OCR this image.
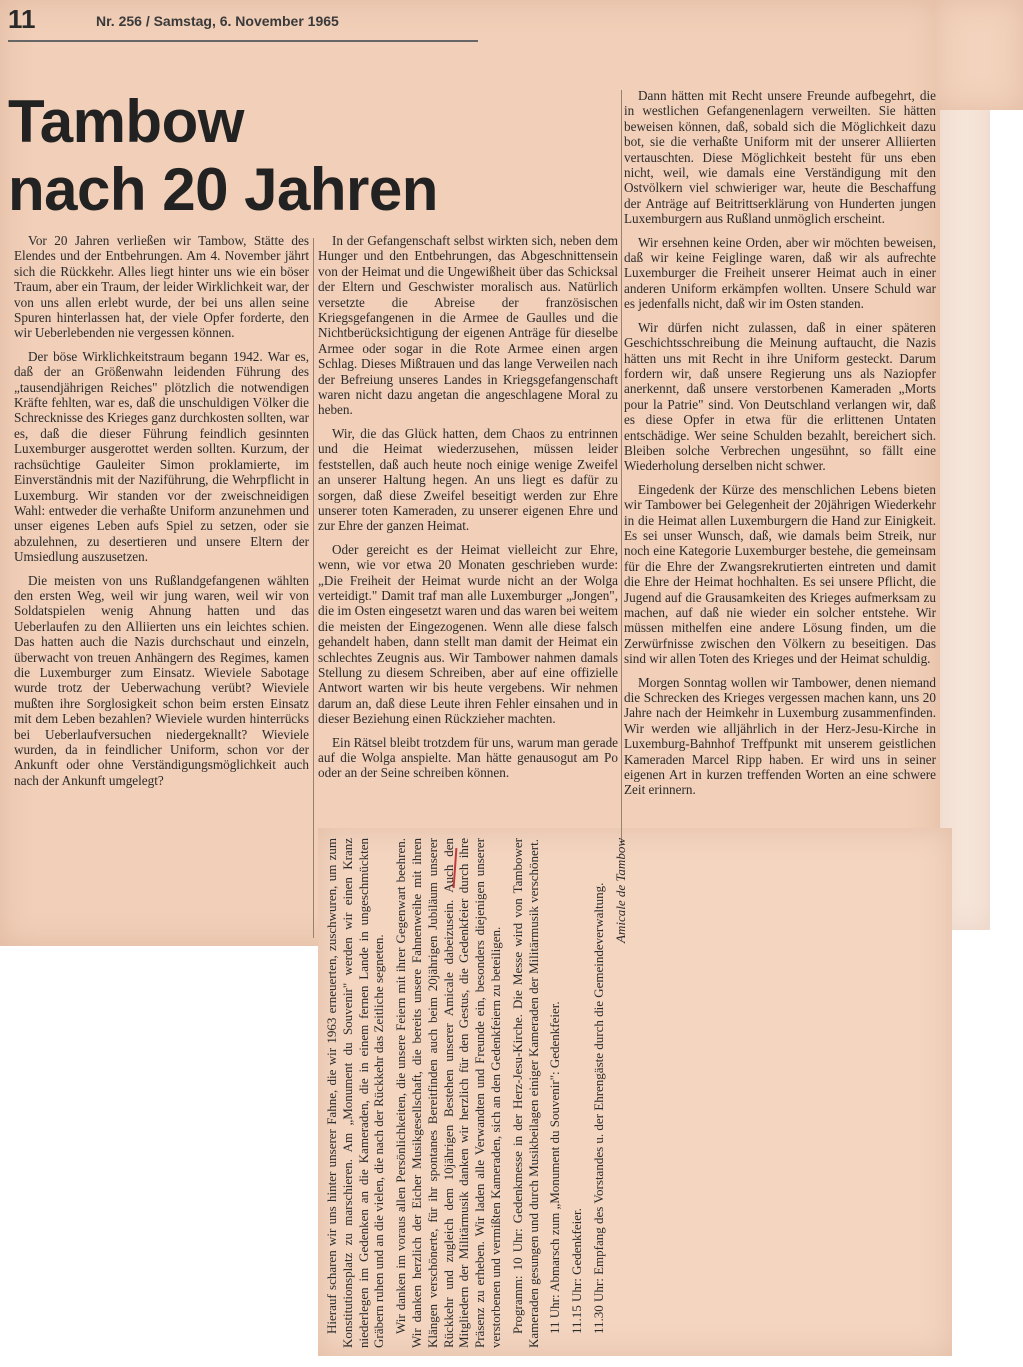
11	Nr. 256 / Samstag, 6. November 1965
Tambow
nach 20 Jahren

Vor 20 Jahren verließen wir Tambow, Stätte des Elendes und der Entbehrungen. Am 4. November jährt sich die Rückkehr. Alles liegt hinter uns wie ein böser Traum, aber ein Traum, der leider Wirklichkeit war, der von uns allen erlebt wurde, der bei uns allen seine Spuren hinterlassen hat, der viele Opfer forderte, den wir Ueberlebenden nie vergessen können.

Der böse Wirklichkeitstraum begann 1942. War es, daß der an Größenwahn leidenden Führung des „tausendjährigen Reiches" plötzlich die notwendigen Kräfte fehlten, war es, daß die unschuldigen Völker die Schrecknisse des Krieges ganz durchkosten sollten, war es, daß die dieser Führung feindlich gesinnten Luxemburger ausgerottet werden sollten. Kurzum, der rachsüchtige Gauleiter Simon proklamierte, im Einverständnis mit der Naziführung, die Wehrpflicht in Luxemburg. Wir standen vor der zweischneidigen Wahl: entweder die verhaßte Uniform anzunehmen und unser eigenes Leben aufs Spiel zu setzen, oder sie abzulehnen, zu desertieren und unsere Eltern der Umsiedlung auszusetzen.

Die meisten von uns Rußlandgefangenen wählten den ersten Weg, weil wir jung waren, weil wir von Soldatspielen wenig Ahnung hatten und das Ueberlaufen zu den Alliierten uns ein leichtes schien. Das hatten auch die Nazis durchschaut und einzeln, überwacht von treuen Anhängern des Regimes, kamen die Luxemburger zum Einsatz. Wieviele Sabotage wurde trotz der Ueberwachung verübt? Wieviele mußten ihre Sorglosigkeit schon beim ersten Einsatz mit dem Leben bezahlen? Wieviele wurden hinterrücks bei Ueberlaufversuchen niedergeknallt? Wieviele wurden, da in feindlicher Uniform, schon vor der Ankunft oder ohne Verständigungsmöglichkeit auch nach der Ankunft umgelegt?

In der Gefangenschaft selbst wirkten sich, neben dem Hunger und den Entbehrungen, das Abgeschnittensein von der Heimat und die Ungewißheit über das Schicksal der Eltern und Geschwister moralisch aus. Natürlich versetzte die Abreise der französischen Kriegsgefangenen in die Armee de Gaulles und die Nichtberücksichtigung der eigenen Anträge für dieselbe Armee oder sogar in die Rote Armee einen argen Schlag. Dieses Mißtrauen und das lange Verweilen nach der Befreiung unseres Landes in Kriegsgefangenschaft waren nicht dazu angetan die angeschlagene Moral zu heben.

Wir, die das Glück hatten, dem Chaos zu entrinnen und die Heimat wiederzusehen, müssen leider feststellen, daß auch heute noch einige wenige Zweifel an unserer Haltung hegen. An uns liegt es dafür zu sorgen, daß diese Zweifel beseitigt werden zur Ehre unserer toten Kameraden, zu unserer eigenen Ehre und zur Ehre der ganzen Heimat.

Oder gereicht es der Heimat vielleicht zur Ehre, wenn, wie vor etwa 20 Monaten geschrieben wurde: „Die Freiheit der Heimat wurde nicht an der Wolga verteidigt." Damit traf man alle Luxemburger „Jongen", die im Osten eingesetzt waren und das waren bei weitem die meisten der Eingezogenen. Wenn alle diese falsch gehandelt haben, dann stellt man damit der Heimat ein schlechtes Zeugnis aus. Wir Tambower nahmen damals Stellung zu diesem Schreiben, aber auf eine offizielle Antwort warten wir bis heute vergebens. Wir nehmen darum an, daß diese Leute ihren Fehler einsahen und in dieser Beziehung einen Rückzieher machten.

Ein Rätsel bleibt trotzdem für uns, warum man gerade auf die Wolga anspielte. Man hätte genausogut am Po oder an der Seine schreiben können.

Dann hätten mit Recht unsere Freunde aufbegehrt, die in westlichen Gefangenenlagern verweilten. Sie hätten beweisen können, daß, sobald sich die Möglichkeit dazu bot, sie die verhaßte Uniform mit der unserer Alliierten vertauschten. Diese Möglichkeit besteht für uns eben nicht, weil, wie damals eine Verständigung mit den Ostvölkern viel schwieriger war, heute die Beschaffung der Anträge auf Beitrittserklärung von Hunderten jungen Luxemburgern aus Rußland unmöglich erscheint.

Wir ersehnen keine Orden, aber wir möchten beweisen, daß wir keine Feiglinge waren, daß wir als aufrechte Luxemburger die Freiheit unserer Heimat auch in einer anderen Uniform erkämpfen wollten. Unsere Schuld war es jedenfalls nicht, daß wir im Osten standen.

Wir dürfen nicht zulassen, daß in einer späteren Geschichtsschreibung die Meinung auftaucht, die Nazis hätten uns mit Recht in ihre Uniform gesteckt. Darum fordern wir, daß unsere Regierung uns als Naziopfer anerkennt, daß unsere verstorbenen Kameraden „Morts pour la Patrie" sind. Von Deutschland verlangen wir, daß es diese Opfer in etwa für die erlittenen Untaten entschädige. Wer seine Schulden bezahlt, bereichert sich. Bleiben solche Verbrechen ungesühnt, so fällt eine Wiederholung derselben nicht schwer.

Eingedenk der Kürze des menschlichen Lebens bieten wir Tambower bei Gelegenheit der 20jährigen Wiederkehr in die Heimat allen Luxemburgern die Hand zur Einigkeit. Es sei unser Wunsch, daß, wie damals beim Streik, nur noch eine Kategorie Luxemburger bestehe, die gemeinsam für die Ehre der Zwangsrekrutierten eintreten und damit die Ehre der Heimat hochhalten. Es sei unsere Pflicht, die Jugend auf die Grausamkeiten des Krieges aufmerksam zu machen, auf daß nie wieder ein solcher entstehe. Wir müssen mithelfen eine andere Lösung finden, um die Zerwürfnisse zwischen den Völkern zu beseitigen. Das sind wir allen Toten des Krieges und der Heimat schuldig.

Morgen Sonntag wollen wir Tambower, denen niemand die Schrecken des Krieges vergessen machen kann, uns 20 Jahre nach der Heimkehr in Luxemburg zusammenfinden. Wir werden wie alljährlich in der Herz-Jesu-Kirche in Luxemburg-Bahnhof Treffpunkt mit unserem geistlichen Kameraden Marcel Ripp haben. Er wird uns in seiner eigenen Art in kurzen treffenden Worten an eine schwere Zeit erinnern.

Hierauf scharen wir uns hinter unserer Fahne, die wir 1963 erneuerten, zuschwuren, um zum Konstitutionsplatz zu marschieren. Am „Monument du Souvenir" werden wir einen Kranz niederlegen im Gedenken an die Kameraden, die in einem fernen Lande in ungeschmückten Gräbern ruhen und an die vielen, die nach der Rückkehr das Zeitliche segneten. Wir danken im voraus allen Persönlichkeiten, die unsere Feiern mit ihrer Gegenwart beehren. Wir danken herzlich der Eicher Musikgesellschaft, die bereits unsere Fahnenweihe mit ihren Klängen verschönerte, für ihr spontanes Bereitfinden auch beim 20jährigen Jubiläum unserer Rückkehr und zugleich dem 10jährigen Bestehen unserer Amicale dabeizusein. Auch den Mitgliedern der Militärmusik danken wir herzlich für den Gestus, die Gedenkfeier durch ihre Präsenz zu erheben. Wir laden alle Verwandten und Freunde ein, besonders diejenigen unserer verstorbenen und vermißten Kameraden, sich an den Gedenkfeiern zu beteiligen. Programm: 10 Uhr: Gedenkmesse in der Herz-Jesu-Kirche. Die Messe wird von Tambower Kameraden gesungen und durch Musikbeilagen einiger Kameraden der Militärmusik verschönert. 11 Uhr: Abmarsch zum „Monument du Souvenir": Gedenkfeier. 11.15 Uhr: Gedenkfeier. 11.30 Uhr: Empfang des Vorstandes u. der Ehrengäste durch die Gemeindeverwaltung. Amicale de Tambow
